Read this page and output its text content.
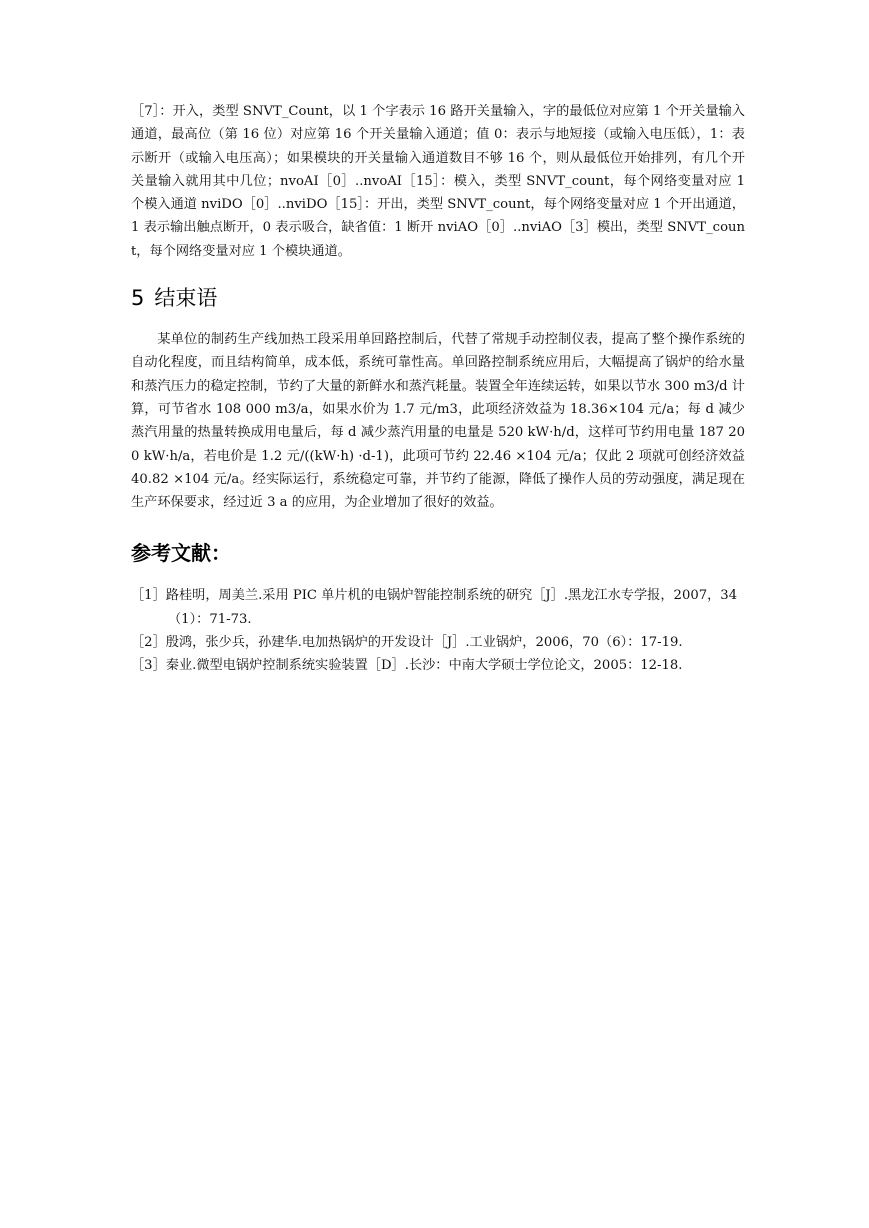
［7］：开入，类型 SNVT_Count，以 1 个字表示 16 路开关量输入，字的最低位对应第 1 个开关量输入通道，最高位（第 16 位）对应第 16 个开关量输入通道；值 0：表示与地短接（或输入电压低），1：表示断开（或输入电压高）；如果模块的开关量输入通道数目不够 16 个，则从最低位开始排列，有几个开 关量输入就用其中几位；nvoAI［0］..nvoAI［15］：模入，类型 SNVT_count，每个网络变量对应 1 个模入通道 nviDO［0］..nviDO［15］：开出，类型 SNVT_count，每个网络变量对应 1 个开出通道，1 表示输出触点断开，0 表示吸合，缺省值：1 断开 nviAO［0］..nviAO［3］模出，类型 SNVT_count，每个网络变量对应 1 个模块通道。

5 结束语

某单位的制药生产线加热工段采用单回路控制后，代替了常规手动控制仪表，提高了整个操作系统的自动化程度，而且结构简单，成本低，系统可靠性高。单回路控制系统应用后，大幅提高了锅炉的给水量和蒸汽压力的稳定控制，节约了大量的新鲜水和蒸汽耗量。装置全年连续运转，如果以节水 300 m3/d 计算，可节省水 108 000 m3/a，如果水价为 1.7 元/m3，此项经济效益为 18.36×104 元/a；每 d 减少蒸汽用量的热量转换成用电量后，每 d 减少蒸汽用量的电量是 520 kW·h/d，这样可节约用电量 187 200 kW·h/a，若电价是 1.2 元/((kW·h) ·d-1)，此项可节约 22.46 ×104 元/a；仅此 2 项就可创经济效益 40.82 ×104 元/a。经实际运行，系统稳定可靠，并节约了能源，降低了操作人员的劳动强度，满足现在生产环保要求，经过近 3 a 的应用，为企业增加了很好的效益。

参考文献：
［1］路桂明，周美兰.采用 PIC 单片机的电锅炉智能控制系统的研究［J］.黑龙江水专学报，2007，34（1）：71-73.
［2］殷鸿，张少兵，孙建华.电加热锅炉的开发设计［J］.工业锅炉，2006，70（6）：17-19.
［3］秦业.微型电锅炉控制系统实验装置［D］.长沙：中南大学硕士学位论文，2005：12-18.
